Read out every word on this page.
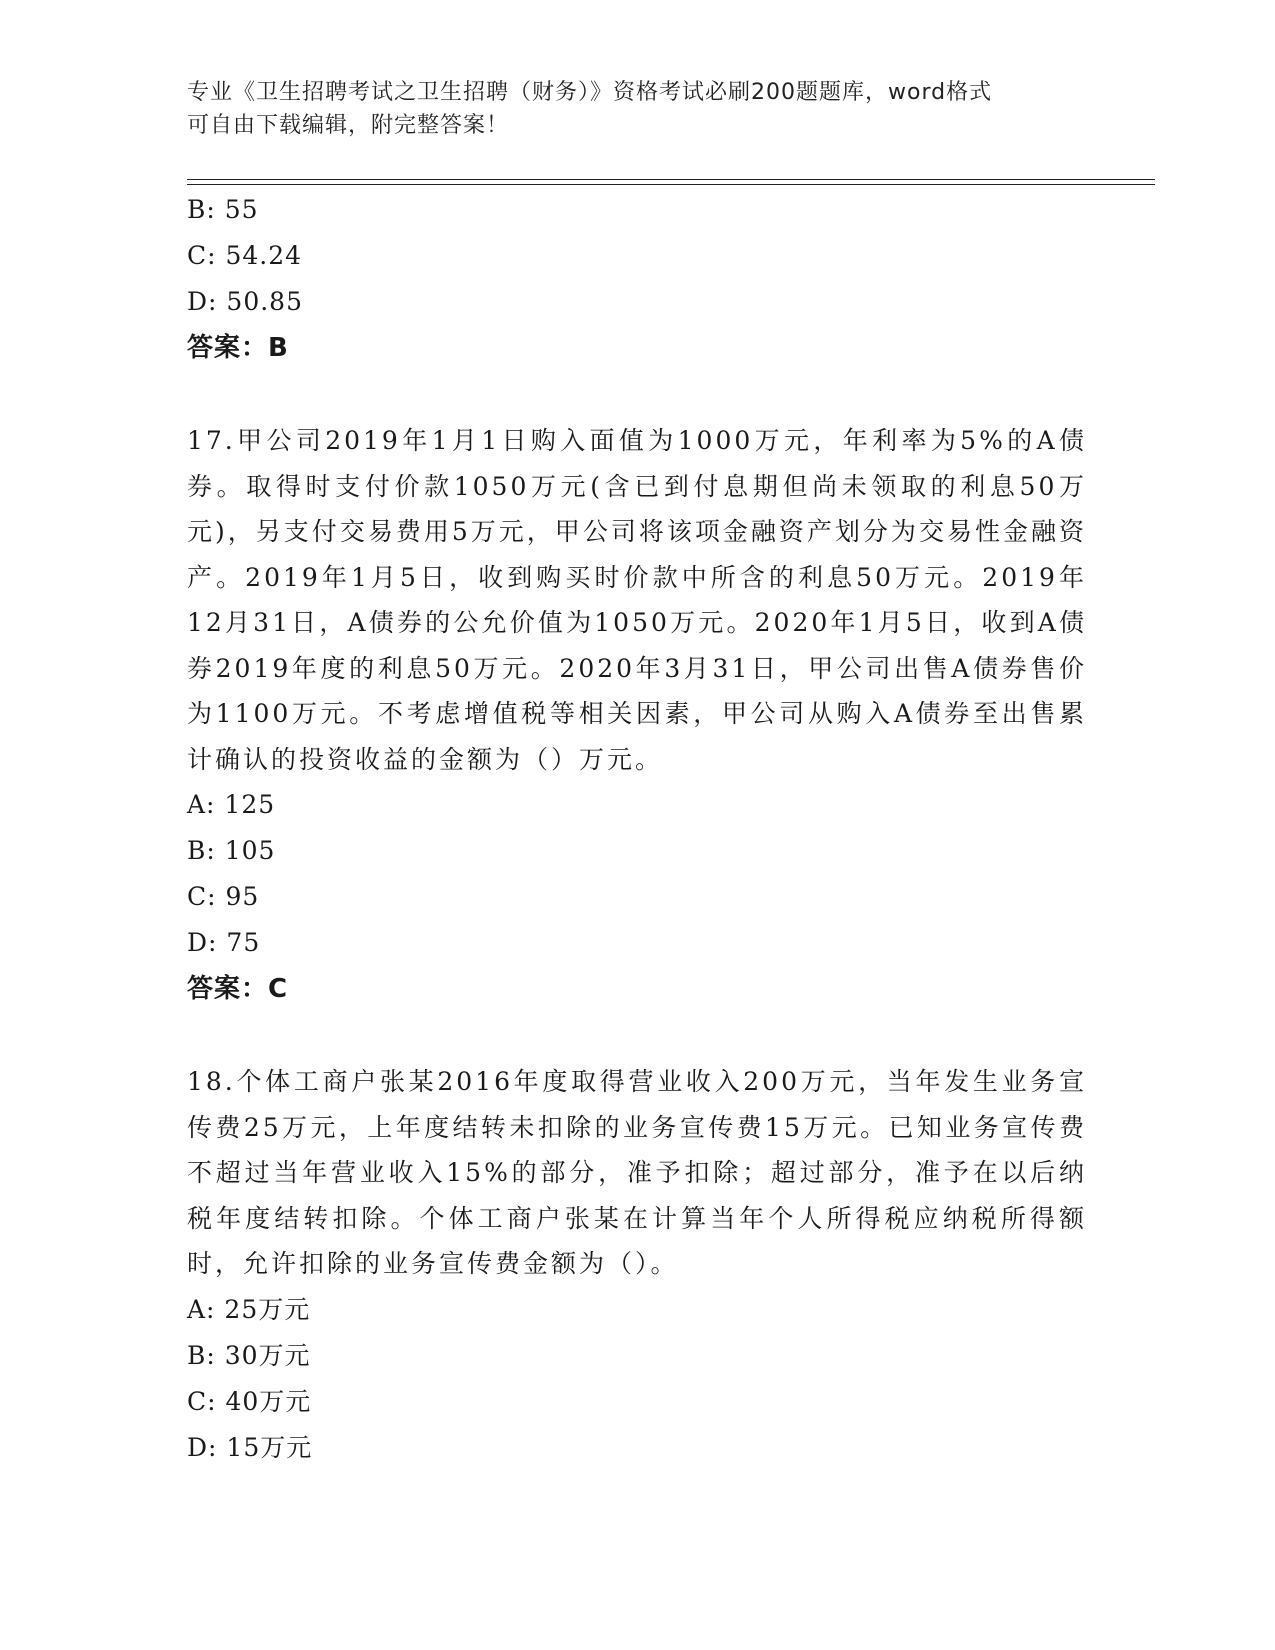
专业《卫生招聘考试之卫生招聘（财务）》资格考试必刷200题题库，word格式
可自由下载编辑，附完整答案！
B: 55
C: 54.24
D: 50.85
答案：B
17.甲公司2019年1月1日购入面值为1000万元，年利率为5%的A债券。取得时支付价款1050万元(含已到付息期但尚未领取的利息50万元)，另支付交易费用5万元，甲公司将该项金融资产划分为交易性金融资产。2019年1月5日，收到购买时价款中所含的利息50万元。2019年12月31日，A债券的公允价值为1050万元。2020年1月5日，收到A债券2019年度的利息50万元。2020年3月31日，甲公司出售A债券售价为1100万元。不考虑增值税等相关因素，甲公司从购入A债券至出售累计确认的投资收益的金额为（）万元。
A: 125
B: 105
C: 95
D: 75
答案：C
18.个体工商户张某2016年度取得营业收入200万元，当年发生业务宣传费25万元，上年度结转未扣除的业务宣传费15万元。已知业务宣传费不超过当年营业收入15%的部分，准予扣除；超过部分，准予在以后纳税年度结转扣除。个体工商户张某在计算当年个人所得税应纳税所得额时，允许扣除的业务宣传费金额为（）。
A: 25万元
B: 30万元
C: 40万元
D: 15万元
